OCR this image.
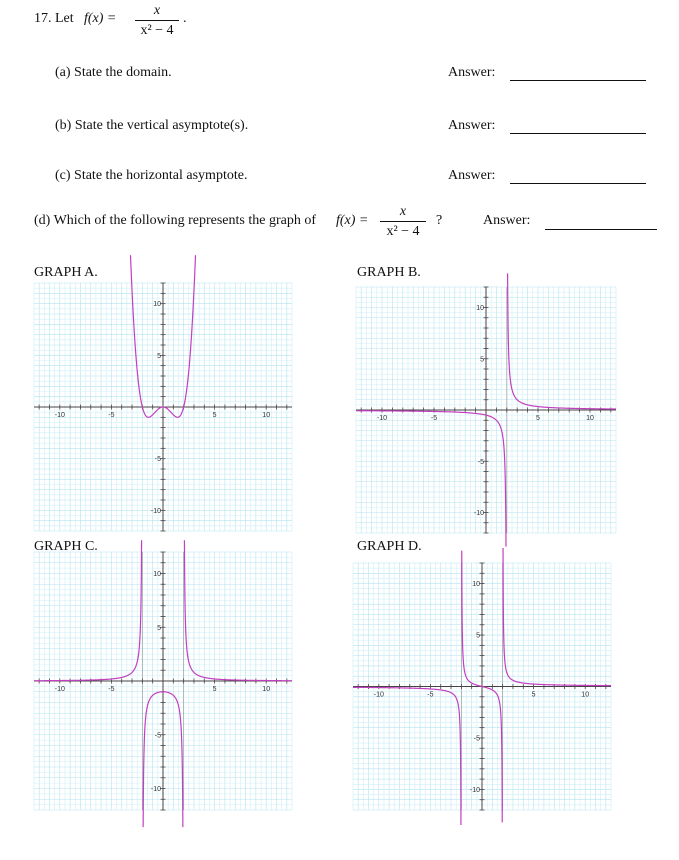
17. Let f(x) =
x
x² − 4
.
(a) State the domain.	Answer:
(b) State the vertical asymptote(s).	Answer:
(c) State the horizontal asymptote.	Answer:
(d) Which of the following represents the graph of f(x) =
x
x² − 4
?	Answer:
GRAPH A.	GRAPH B.
GRAPH C.	GRAPH D.
-10	-5	5	10
-10
-5
5
10
-10	-5	5	10
-10
-5
5
10
-10	-5	5	10
-10
-5
5
10
-10	-5	5	10
-10
-5
5
10
